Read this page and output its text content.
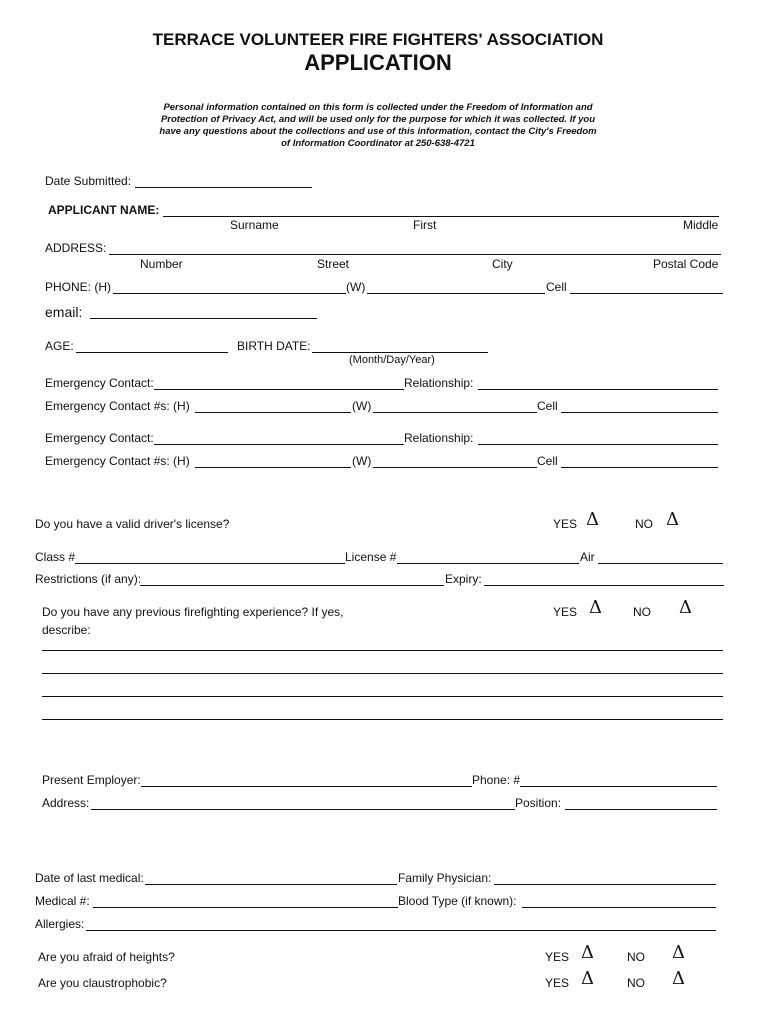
TERRACE VOLUNTEER FIRE FIGHTERS' ASSOCIATION
APPLICATION
Personal information contained on this form is collected under the Freedom of Information and
Protection of Privacy Act, and will be used only for the purpose for which it was collected. If you
have any questions about the collections and use of this information, contact the City's Freedom
of Information Coordinator at 250-638-4721
Date Submitted:
APPLICANT NAME:
Surname	First	Middle
ADDRESS:
Number	Street	City	Postal Code
PHONE: (H)	(W)	Cell
email:
AGE:	BIRTH DATE:
(Month/Day/Year)
Emergency Contact:	Relationship:
Emergency Contact #s: (H)	(W)	Cell
Emergency Contact:	Relationship:
Emergency Contact #s: (H)	(W)	Cell
Do you have a valid driver's license?	YES Δ	NO Δ
Class #	License #	Air
Restrictions (if any):	Expiry:
Do you have any previous firefighting experience? If yes,
describe:
YES Δ	NO Δ
Present Employer:	Phone: #
Address:	Position:
Date of last medical:	Family Physician:
Medical #:	Blood Type (if known):
Allergies:
Are you afraid of heights?	YES Δ	NO Δ
Are you claustrophobic?	YES Δ	NO Δ
